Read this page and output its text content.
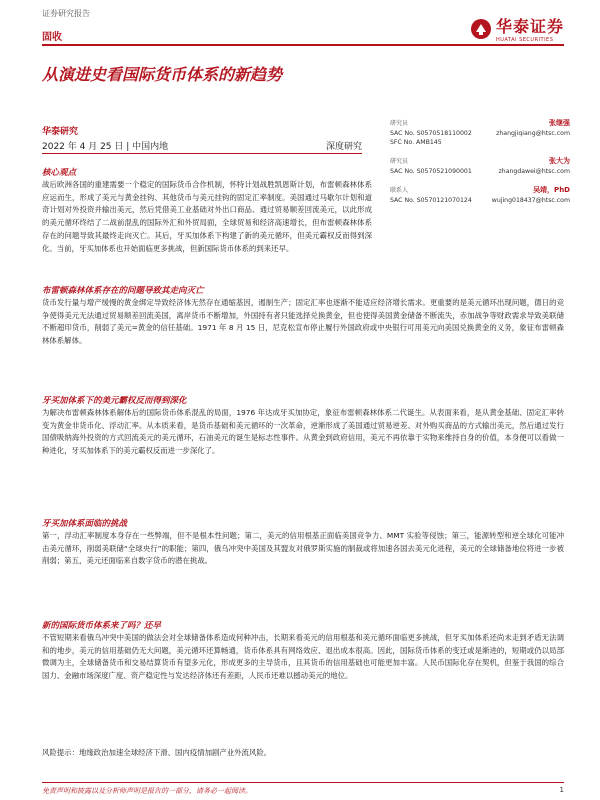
证券研究报告
华泰证券
HUATAI SECURITIES
固收
从演进史看国际货币体系的新趋势
华泰研究
2022 年 4 月 25 日 | 中国内地	深度研究
研究员	张继强
SAC No. S0570518110002	zhangjiqiang@htsc.com
SFC No. AMB145
研究员	张大为
SAC No. S0570521090001	zhangdawei@htsc.com
联系人	吴靖，PhD
SAC No. S0570121070124	wujing018437@htsc.com
核心观点
战后欧洲各国的重建需要一个稳定的国际货币合作机制，怀特计划战胜凯恩斯计划，布雷顿森林体系应运而生，形成了美元与黄金挂钩、其他货币与美元挂钩的固定汇率制度。美国通过马歇尔计划和道奇计划对外投资并输出美元，然后凭借美工业基础对外出口商品、通过贸易顺差回流美元，以此形成的美元循环终结了二战前混乱的国际外汇和外贸局面，全球贸易和经济高速增长，但布雷顿森林体系存在的问题导致其最终走向灭亡。其后，牙买加体系下构建了新的美元循环，但美元霸权反而得到深化。当前，牙买加体系也开始面临更多挑战，但新国际货币体系的到来还早。
布雷顿森林体系存在的问题导致其走向灭亡
货币发行量与增产缓慢的黄金绑定导致经济体无然存在通缩基因，遏制生产；固定汇率也逐渐不能适应经济增长需求。更重要的是美元循环出现问题，德日的竞争使得美元无法通过贸易顺差回流美国，离岸货币不断增加，外国持有者只能选择兑换黄金，但也使得美国黄金储备不断流失，赤加战争等财政需求导致美联储不断超印货币，削弱了美元=黄金的信任基础。1971 年 8 月 15 日，尼克松宣布停止履行外国政府或中央银行可用美元向美国兑换黄金的义务，象征布雷顿森林体系解体。
牙买加体系下的美元霸权反而得到深化
为解决布雷顿森林体系解体后的国际货币体系混乱的局面，1976 年达成牙买加协定，象征布雷顿森林体系二代诞生。从表面来看，是从黄金基础、固定汇率转变为黄金非货币化、浮动汇率。从本质来看，是货币基础和美元循环的一次革命，逆渐形成了美国通过贸易逆差、对外购买商品的方式输出美元，然后通过发行国债吸纳海外投资的方式回流美元的美元循环，石油美元的诞生是标志性事件。从黄金到政府信用，美元不再依靠于实物来维持自身的价值，本身便可以看做一种进化，牙买加体系下的美元霸权反而进一步深化了。
牙买加体系面临的挑战
第一，浮动汇率制度本身存在一些弊端，但不是根本性问题；第二，美元的信用根基正面临美国竞争力、MMT 实验等侵蚀；第三，能源转型和逆全球化可能冲击美元循环，削弱美联储“全球央行”的职能；第四，俄乌冲突中美国及其盟友对俄罗斯实施的制裁或将加速各国去美元化进程，美元的全球储备地位将进一步被削弱；第五，美元还面临来自数字货币的潜在挑战。
新的国际货币体系来了吗？还早
不管短期来看俄乌冲突中美国的做法会对全球储备体系造成何种冲击，长期来看美元的信用根基和美元循环面临更多挑战，但牙买加体系还尚未走到矛盾无法调和的地步，美元的信用基础仍无大问题，美元循环还算畅通，货币体系具有网络效应、退出成本很高。因此，国际货币体系的变迁或是渐进的，短期或仍以局部微调为主，全球储备货币和交易结算货币有望多元化，形成更多的主导货币，且其货币的信用基础也可能更加丰富。人民币国际化存在契机，但鉴于我国的综合国力、金融市场深度广度、资产稳定性与发达经济体还有差距，人民币还难以撼动美元的地位。
风险提示：地缘政治加速全球经济下滑、国内疫情加剧产业外流风险。
免责声明和披露以及分析师声明是报告的一部分，请务必一起阅读。	1
